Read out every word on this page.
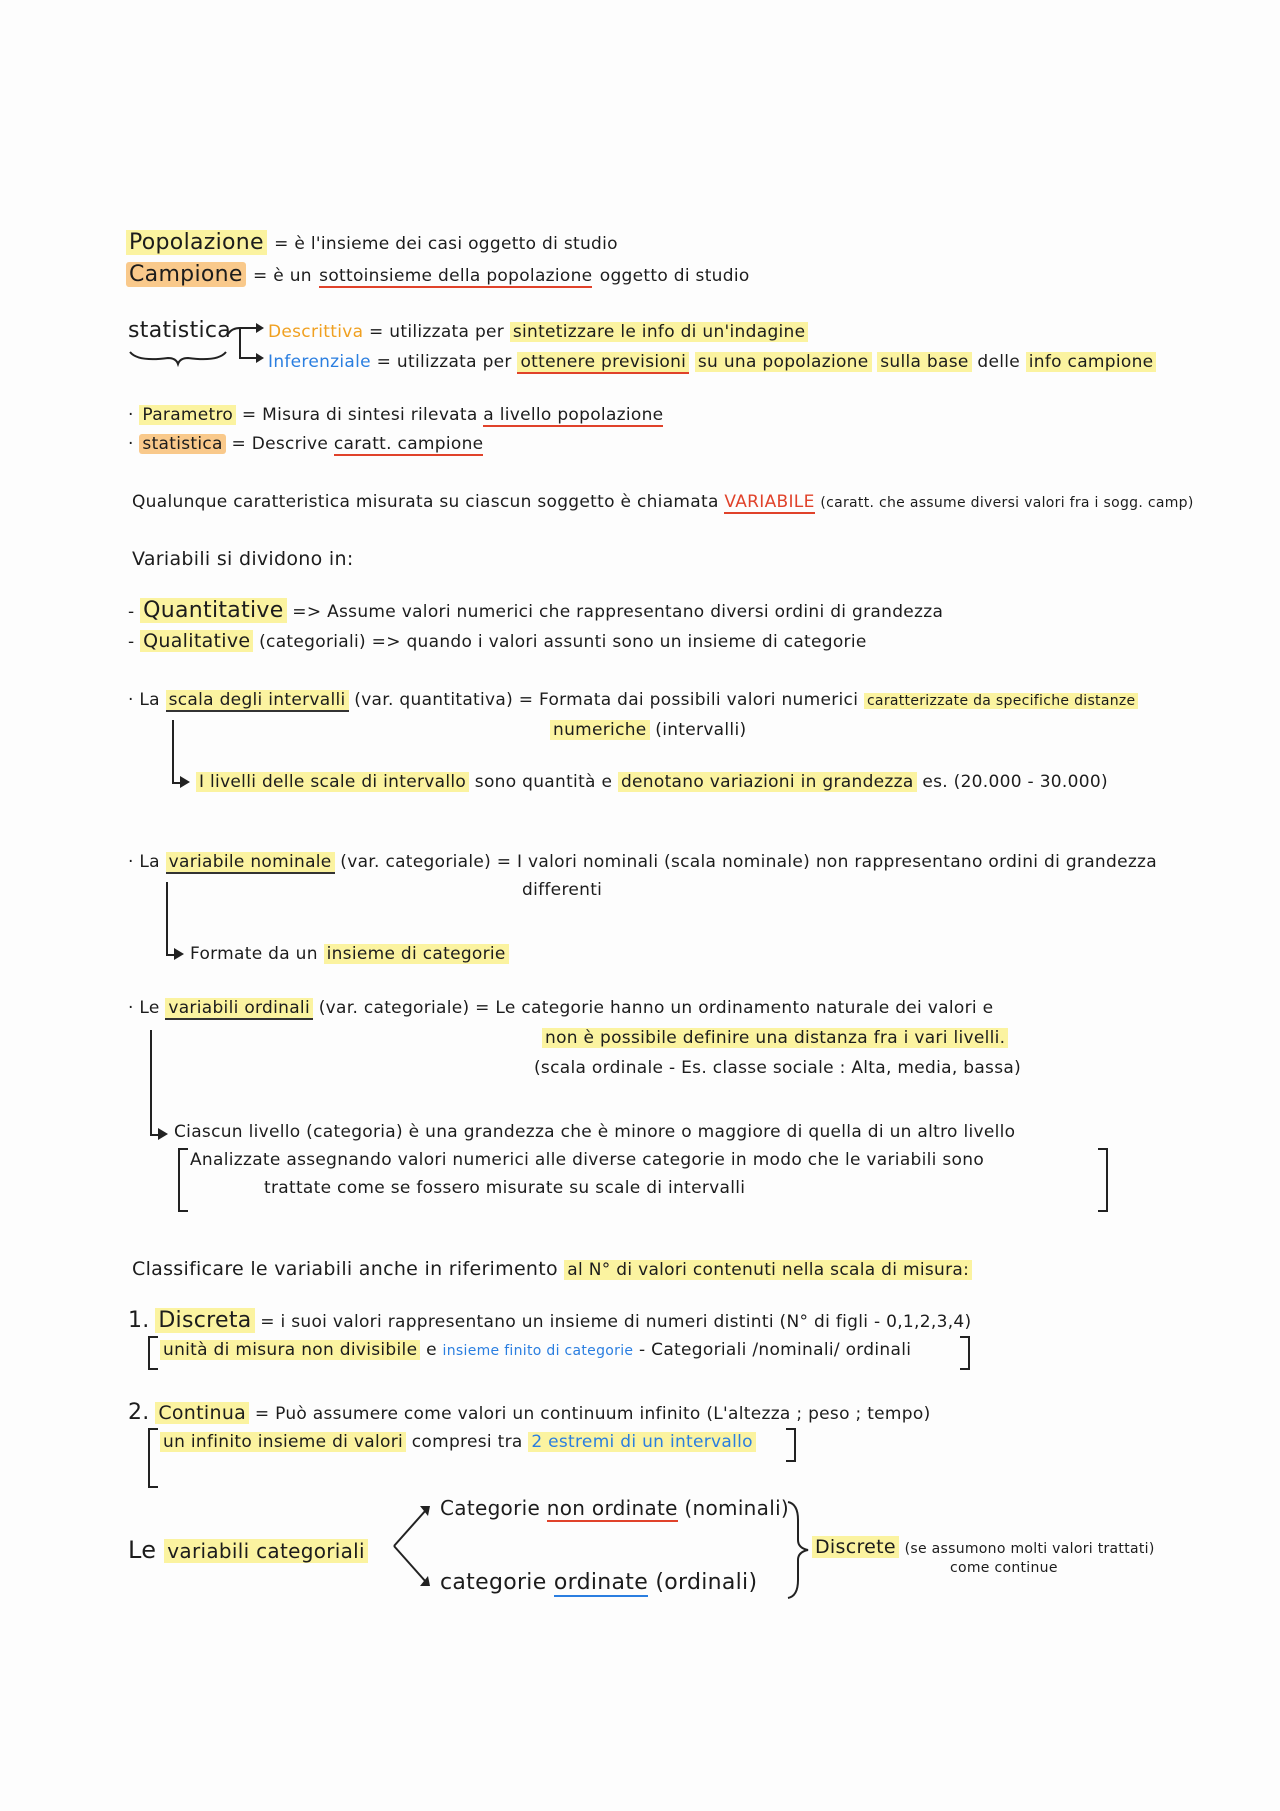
Popolazione = è l'insieme dei casi oggetto di studio
Campione = è un sottoinsieme della popolazione oggetto di studio
statistica Descrittiva = utilizzata per sintetizzare le info di un'indagine
Inferenziale = utilizzata per ottenere previsioni su una popolazione sulla base delle info campione
· Parametro = Misura di sintesi rilevata a livello popolazione
· statistica = Descrive caratt. campione
Qualunque caratteristica misurata su ciascun soggetto è chiamata VARIABILE (caratt. che assume diversi valori fra i sogg. camp)
Variabili si dividono in:
- Quantitative => Assume valori numerici che rappresentano diversi ordini di grandezza
- Qualitative (categoriali) => quando i valori assunti sono un insieme di categorie
· La scala degli intervalli (var. quantitativa) = Formata dai possibili valori numerici caratterizzate da specifiche distanze
numeriche (intervalli)
I livelli delle scale di intervallo sono quantità e denotano variazioni in grandezza es. (20.000 - 30.000)
· La variabile nominale (var. categoriale) = I valori nominali (scala nominale) non rappresentano ordini di grandezza
differenti
Formate da un insieme di categorie
· Le variabili ordinali (var. categoriale) = Le categorie hanno un ordinamento naturale dei valori e
non è possibile definire una distanza fra i vari livelli.
(scala ordinale - Es. classe sociale : Alta, media, bassa)
Ciascun livello (categoria) è una grandezza che è minore o maggiore di quella di un altro livello
Analizzate assegnando valori numerici alle diverse categorie in modo che le variabili sono
trattate come se fossero misurate su scale di intervalli
Classificare le variabili anche in riferimento al N° di valori contenuti nella scala di misura:
1. Discreta = i suoi valori rappresentano un insieme di numeri distinti (N° di figli - 0,1,2,3,4)
unità di misura non divisibile e insieme finito di categorie - Categoriali /nominali/ ordinali
2. Continua = Può assumere come valori un continuum infinito (L'altezza ; peso ; tempo)
un infinito insieme di valori compresi tra 2 estremi di un intervallo
Le variabili categoriali
Categorie non ordinate (nominali)
categorie ordinate (ordinali)
Discrete (se assumono molti valori trattati)
come continue
